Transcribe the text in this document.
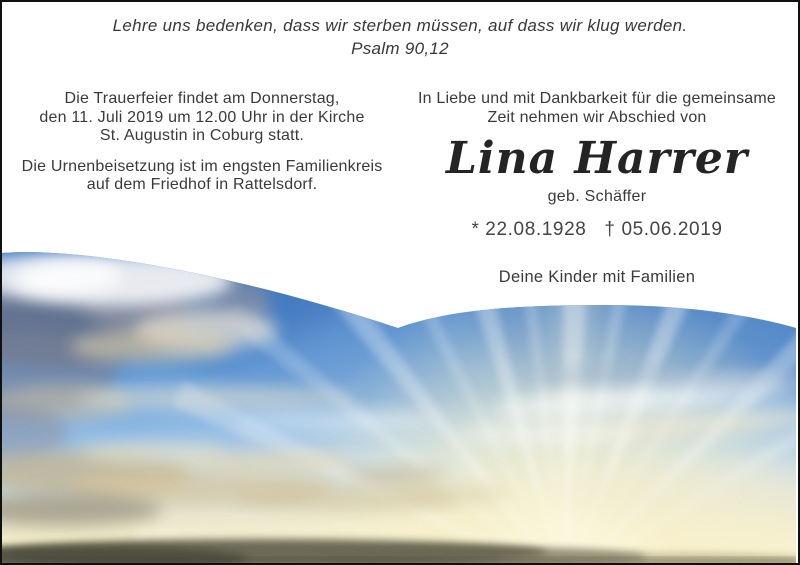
Lehre uns bedenken, dass wir sterben müssen, auf dass wir klug werden.
Psalm 90,12

Die Trauerfeier findet am Donnerstag,
den 11. Juli 2019 um 12.00 Uhr in der Kirche
St. Augustin in Coburg statt.

Die Urnenbeisetzung ist im engsten Familienkreis
auf dem Friedhof in Rattelsdorf.

In Liebe und mit Dankbarkeit für die gemeinsame
Zeit nehmen wir Abschied von
Lina Harrer
geb. Schäffer
* 22.08.1928 † 05.06.2019
Deine Kinder mit Familien
